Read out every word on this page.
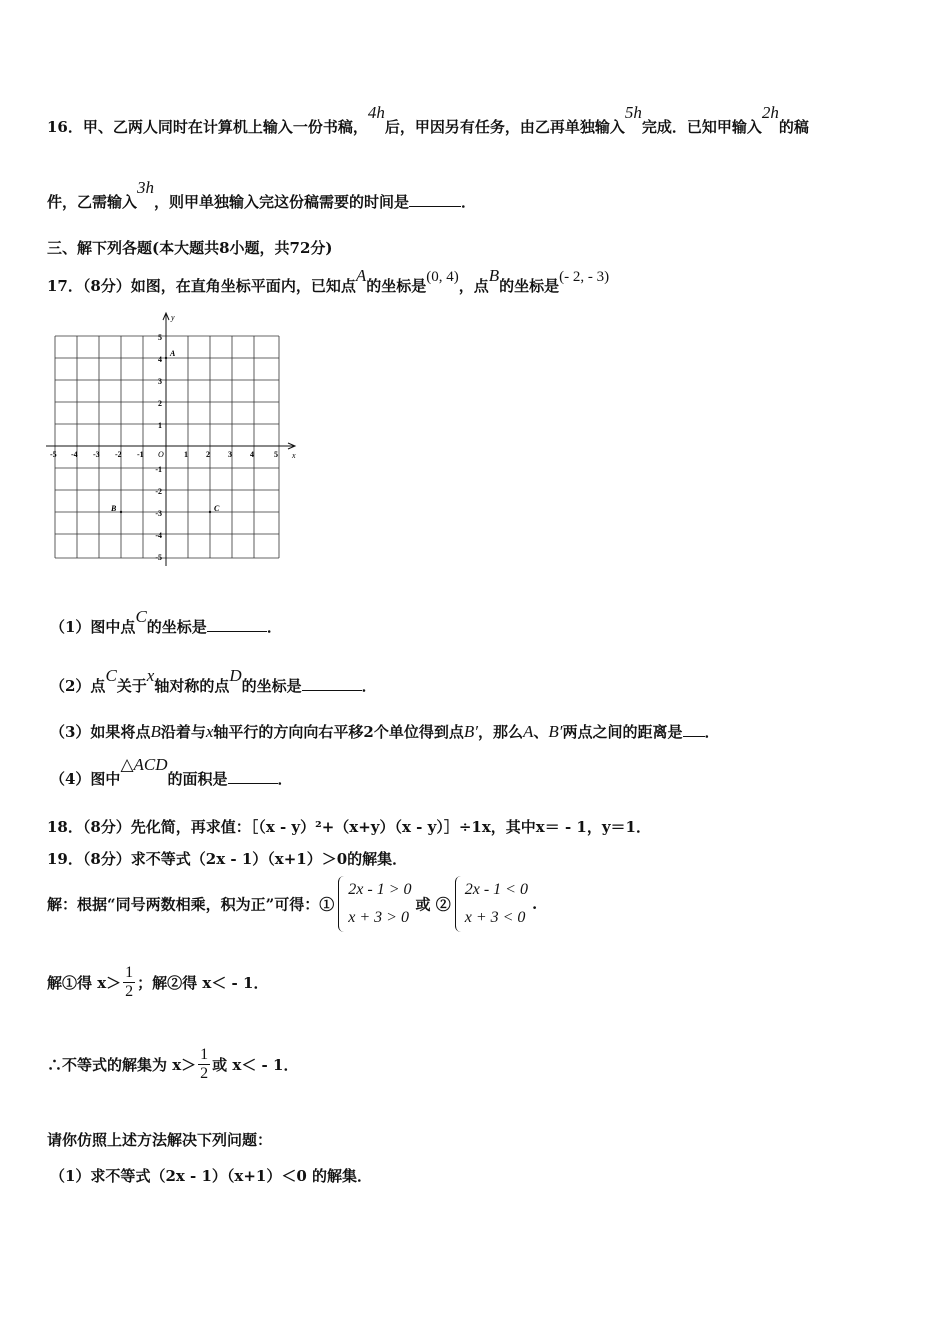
16．甲、乙两人同时在计算机上输入一份书稿，4h后，甲因另有任务，由乙再单独输入5h完成．已知甲输入2h的稿
件，乙需输入3h，则甲单独输入完这份稿需要的时间是	．
三、解下列各题(本大题共8小题，共72分)
17．（8分）如图，在直角坐标平面内，已知点A的坐标是(0, 4)，点B的坐标是(- 2, - 3)
x
y
O
-5 -4 -3 -2 -1	1 2 3 4	5
5
4
3
2
1
-1
-2
-3
-4
-5
A
B	C
（1）图中点C的坐标是	．
（2）点C关于x轴对称的点D的坐标是	．
（3）如果将点B沿着与x轴平行的方向向右平移2个单位得到点B′，那么A、B′两点之间的距离是 ．
（4）图中△ACD的面积是	．
18．（8分）先化简，再求值：［（x - y）²+（x+y）（x - y）］÷1x，其中x＝ - 1，y＝1．
19．（8分）求不等式（2x - 1）（x+1）＞0的解集．
解：根据“同号两数相乘，积为正”可得：①
2x - 1 > 0
x + 3 > 0
或 ②
2x - 1 < 0
x + 3 < 0
.
解①得 $x> \frac{1}{2}$ ；解②得 x＜ - 1．
∴不等式的解集为 $x> \frac{1}{2}$ 或 x＜ - 1．
请你仿照上述方法解决下列问题：
（1）求不等式（2x - 1）（x+1）＜0 的解集．
